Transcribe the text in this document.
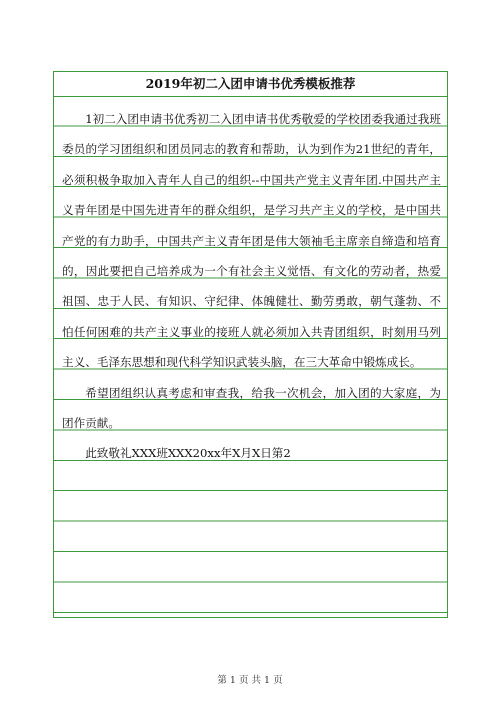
2019年初二入团申请书优秀模板推荐

1初二入团申请书优秀初二入团申请书优秀敬爱的学校团委我通过我班委员的学习团组织和团员同志的教育和帮助，认为到作为21世纪的青年，必须积极争取加入青年人自己的组织--中国共产党主义青年团.中国共产主义青年团是中国先进青年的群众组织，是学习共产主义的学校，是中国共产党的有力助手，中国共产主义青年团是伟大领袖毛主席亲自缔造和培育的，因此要把自己培养成为一个有社会主义觉悟、有文化的劳动者，热爱祖国、忠于人民、有知识、守纪律、体魄健壮、勤劳勇敢，朝气蓬勃、不怕任何困难的共产主义事业的接班人就必须加入共青团组织，时刻用马列主义、毛泽东思想和现代科学知识武装头脑，在三大革命中锻炼成长。

希望团组织认真考虑和审查我，给我一次机会，加入团的大家庭，为团作贡献。

此致敬礼XXX班XXX20xx年X月X日第2

第 1 页 共 1 页
